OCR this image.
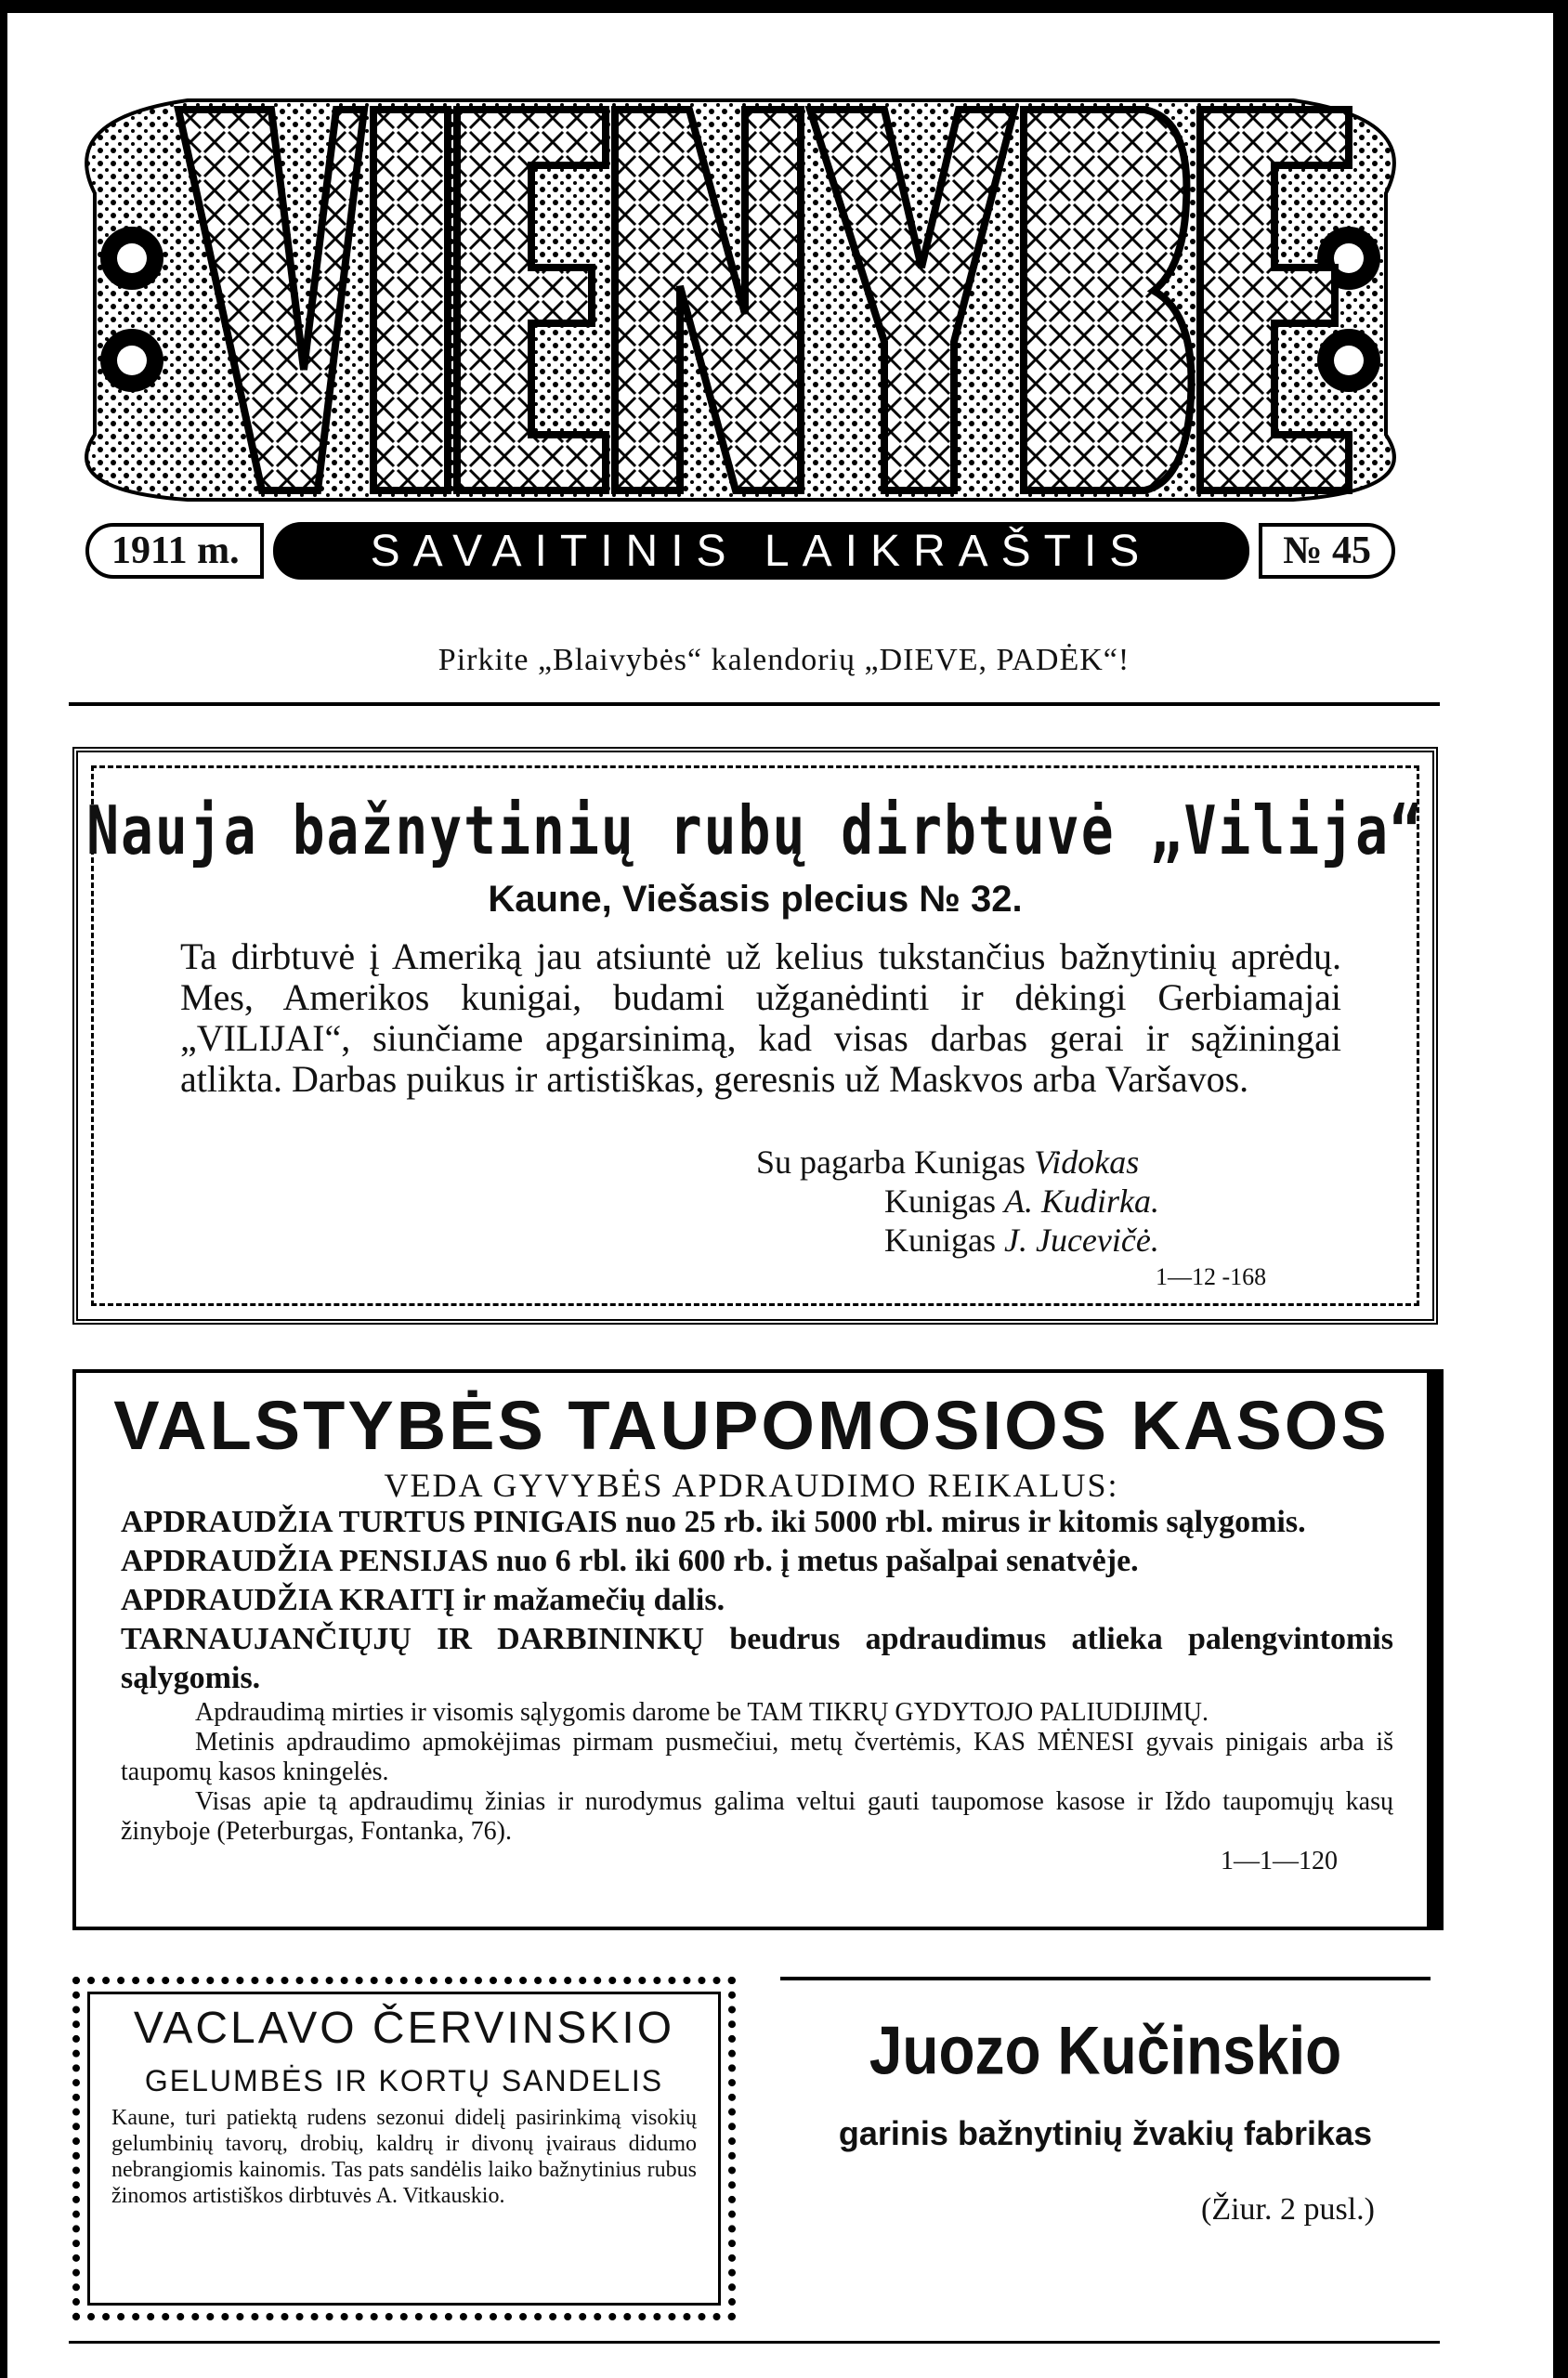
1911 m.	SAVAITINIS LAIKRAŠTIS	№ 45
Pirkite „Blaivybės“ kalendorių „DIEVE, PADĖK“!
Nauja bažnytinių rubų dirbtuvė „Vilija“
Kaune, Viešasis plecius № 32.
Ta dirbtuvė į Ameriką jau atsiuntė už kelius tukstančius bažnytinių aprėdų. Mes, Amerikos kunigai, budami užganėdinti ir dėkingi Gerbiamajai „VILIJAI“, siunčiame apgarsinimą, kad visas darbas gerai ir sąžiningai atlikta. Darbas puikus ir artistiškas, geresnis už Maskvos arba Varšavos.
Su pagarba Kunigas Vidokas
Kunigas A. Kudirka.
Kunigas J. Jucevičė.
1—12 -168
VALSTYBĖS TAUPOMOSIOS KASOS
VEDA GYVYBĖS APDRAUDIMO REIKALUS:
APDRAUDŽIA TURTUS PINIGAIS nuo 25 rb. iki 5000 rbl. mirus ir kitomis sąlygomis.
APDRAUDŽIA PENSIJAS nuo 6 rbl. iki 600 rb. į metus pašalpai senatvėje.
APDRAUDŽIA KRAITĮ ir mažamečių dalis.
TARNAUJANČIŲJŲ IR DARBININKŲ beudrus apdraudimus atlieka palengvintomis sąlygomis.
Apdraudimą mirties ir visomis sąlygomis darome be TAM TIKRŲ GYDYTOJO PALIUDIJIMŲ.
Metinis apdraudimo apmokėjimas pirmam pusmečiui, metų čvertėmis, KAS MĖNESI gyvais pinigais arba iš taupomų kasos kningelės.
Visas apie tą apdraudimų žinias ir nurodymus galima veltui gauti taupomose kasose ir Iždo taupomųjų kasų žinyboje (Peterburgas, Fontanka, 76).
1—1—120
VACLAVO ČERVINSKIO
GELUMBĖS IR KORTŲ SANDELIS
Kaune, turi patiektą rudens sezonui didelį pasirinkimą visokių gelumbinių tavorų, drobių, kaldrų ir divonų įvairaus didumo nebrangiomis kainomis. Tas pats sandėlis laiko bažnytinius rubus žinomos artistiškos dirbtuvės A. Vitkauskio.
Juozo Kučinskio
garinis bažnytinių žvakių fabrikas
(Žiur. 2 pusl.)
